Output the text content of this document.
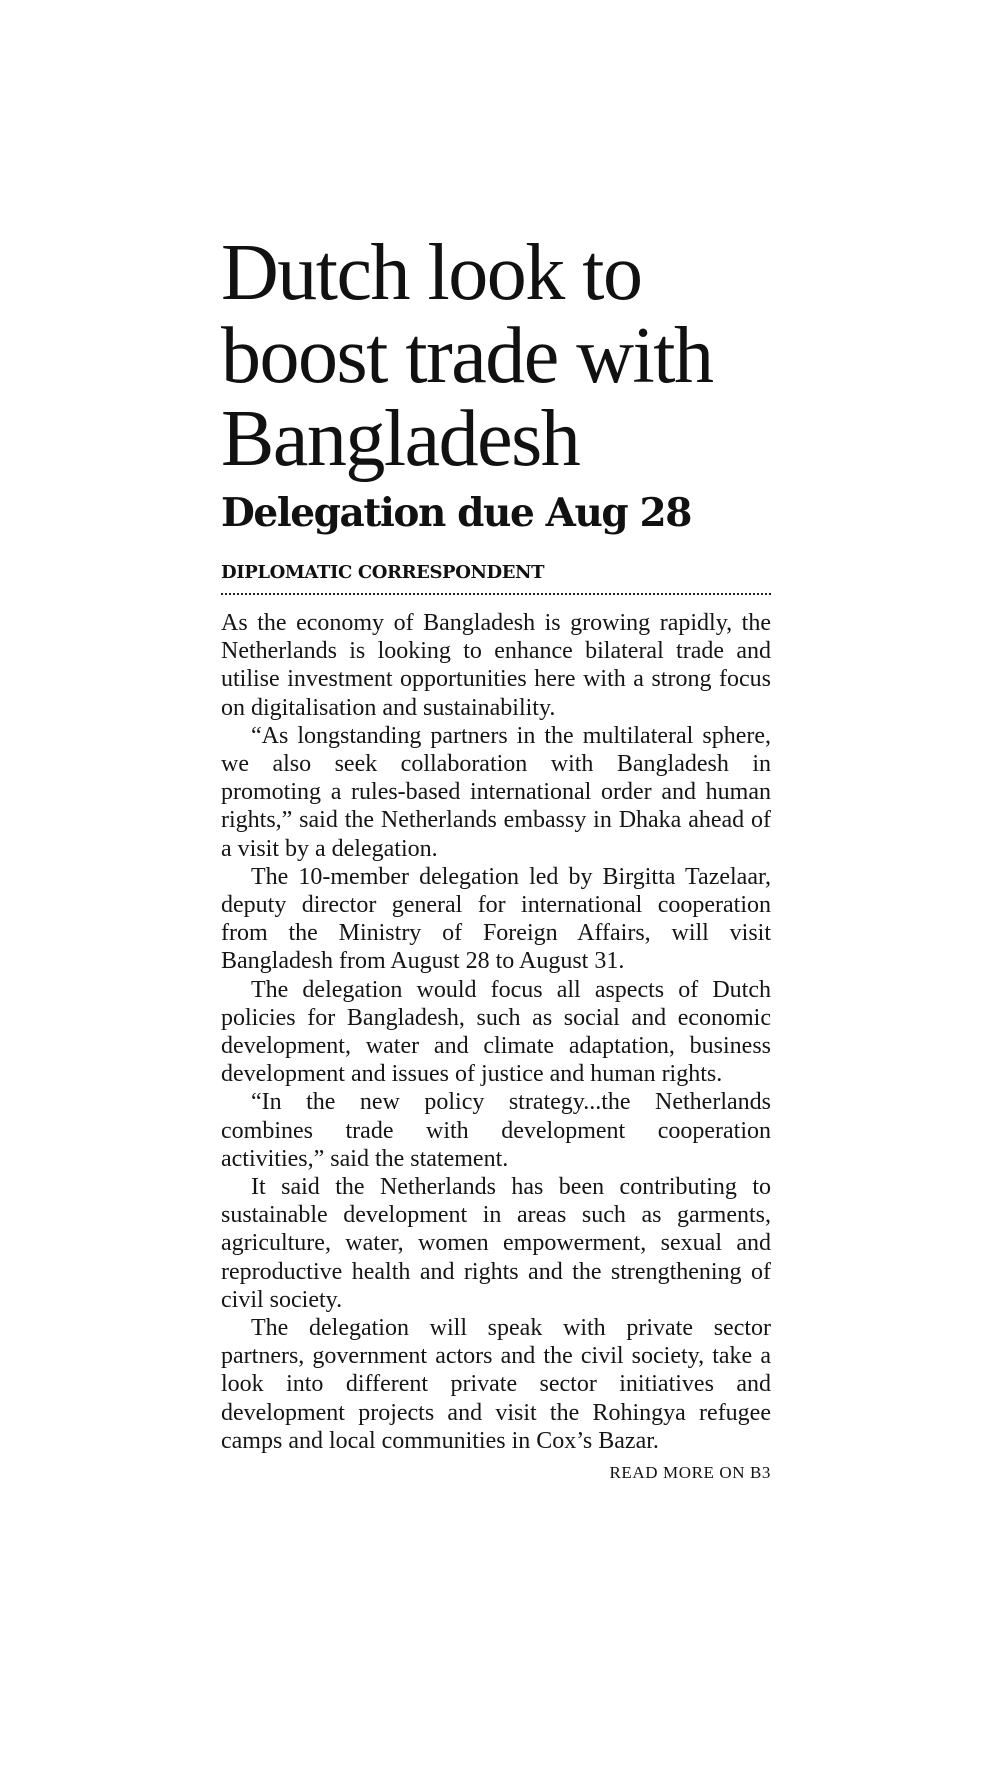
Dutch look to boost trade with Bangladesh
Delegation due Aug 28
DIPLOMATIC CORRESPONDENT

As the economy of Bangladesh is growing rapidly, the Netherlands is looking to enhance bilateral trade and utilise investment opportunities here with a strong focus on digitalisation and sustainability.

“As longstanding partners in the multilateral sphere, we also seek collaboration with Bangladesh in promoting a rules-based international order and human rights,” said the Netherlands embassy in Dhaka ahead of a visit by a delegation.

The 10-member delegation led by Birgitta Tazelaar, deputy director general for international cooperation from the Ministry of Foreign Affairs, will visit Bangladesh from August 28 to August 31.

The delegation would focus all aspects of Dutch policies for Bangladesh, such as social and economic development, water and climate adaptation, business development and issues of justice and human rights.

“In the new policy strategy...the Netherlands combines trade with development cooperation activities,” said the statement.

It said the Netherlands has been contributing to sustainable development in areas such as garments, agriculture, water, women empowerment, sexual and reproductive health and rights and the strengthening of civil society.

The delegation will speak with private sector partners, government actors and the civil society, take a look into different private sector initiatives and development projects and visit the Rohingya refugee camps and local communities in Cox’s Bazar.

READ MORE ON B3
